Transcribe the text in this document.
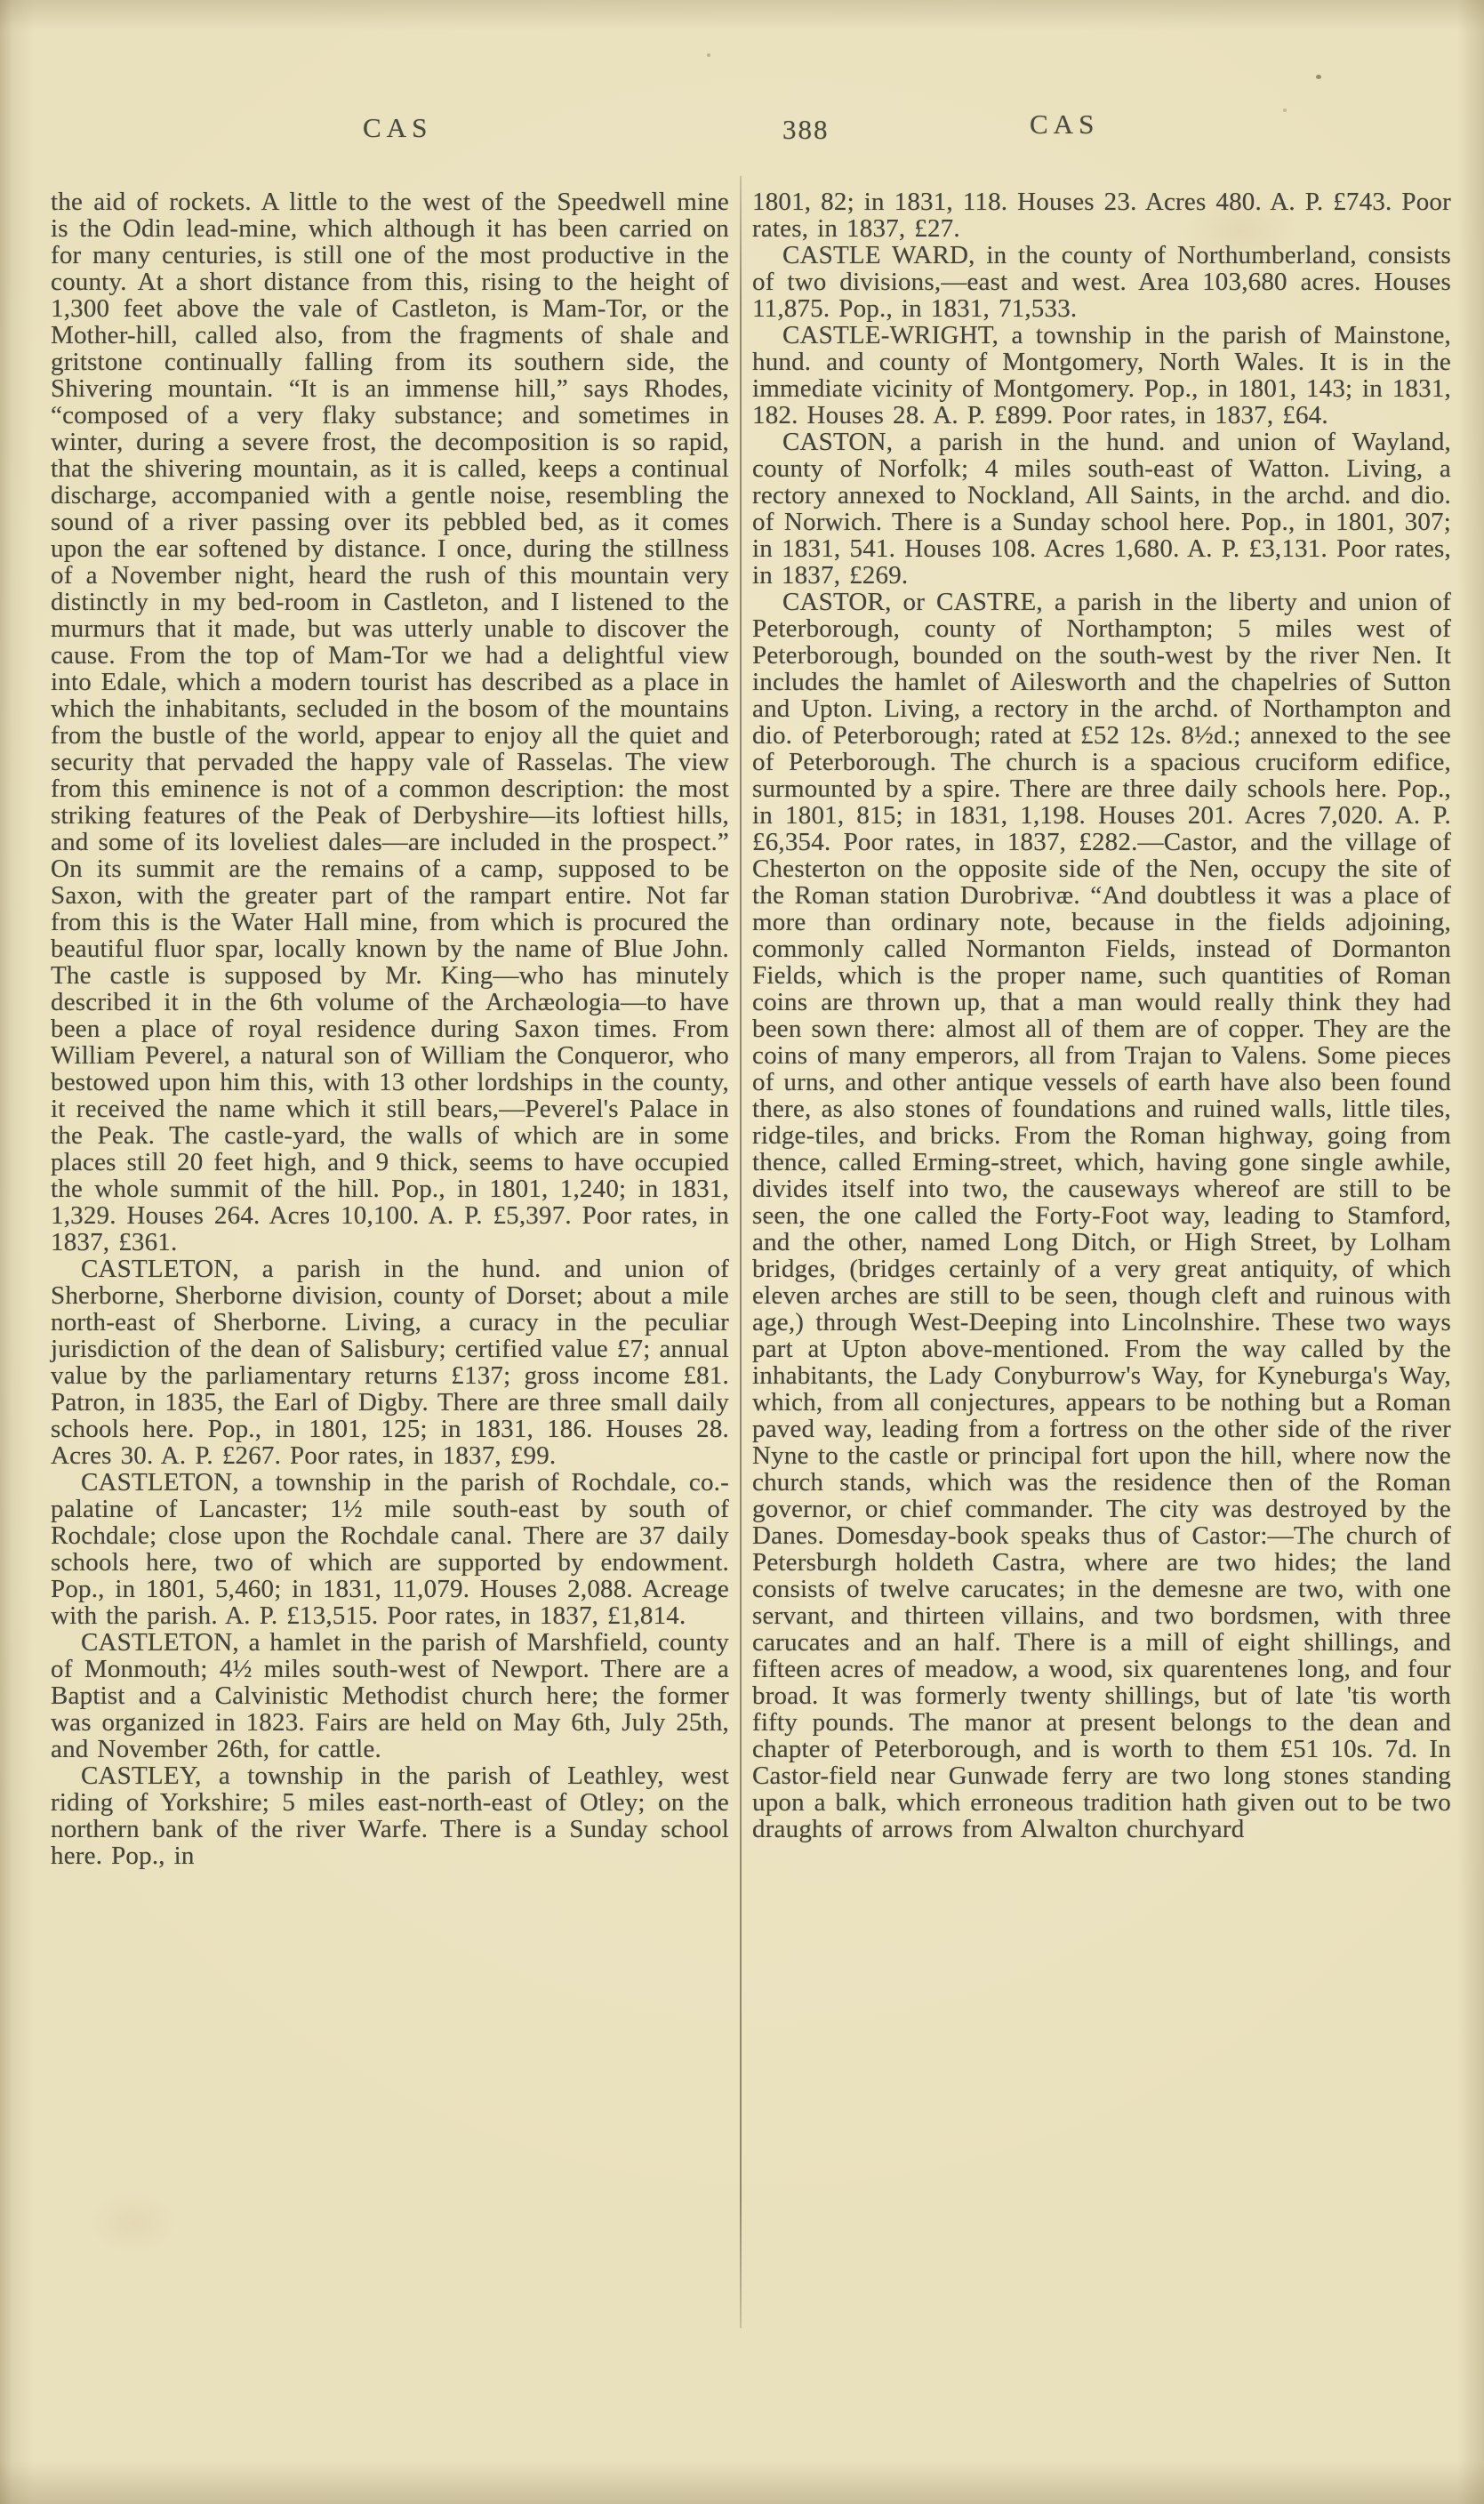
CAS	388	CAS

the aid of rockets. A little to the west of the Speedwell mine is the Odin lead-mine, which although it has been carried on for many centuries, is still one of the most productive in the county. At a short distance from this, rising to the height of 1,300 feet above the vale of Castleton, is Mam-Tor, or the Mother-hill, called also, from the fragments of shale and gritstone continually falling from its southern side, the Shivering mountain. “It is an immense hill,” says Rhodes, “composed of a very flaky substance; and sometimes in winter, during a severe frost, the decomposition is so rapid, that the shivering mountain, as it is called, keeps a continual discharge, accompanied with a gentle noise, resembling the sound of a river passing over its pebbled bed, as it comes upon the ear softened by distance. I once, during the stillness of a November night, heard the rush of this mountain very distinctly in my bed-room in Castleton, and I listened to the murmurs that it made, but was utterly unable to discover the cause. From the top of Mam-Tor we had a delightful view into Edale, which a modern tourist has described as a place in which the inhabitants, secluded in the bosom of the mountains from the bustle of the world, appear to enjoy all the quiet and security that pervaded the happy vale of Rasselas. The view from this eminence is not of a common description: the most striking features of the Peak of Derbyshire—its loftiest hills, and some of its loveliest dales—are included in the prospect.” On its summit are the remains of a camp, supposed to be Saxon, with the greater part of the rampart entire. Not far from this is the Water Hall mine, from which is procured the beautiful fluor spar, locally known by the name of Blue John. The castle is supposed by Mr. King—who has minutely described it in the 6th volume of the Archæologia—to have been a place of royal residence during Saxon times. From William Peverel, a natural son of William the Conqueror, who bestowed upon him this, with 13 other lordships in the county, it received the name which it still bears,—Peverel's Palace in the Peak. The castle-yard, the walls of which are in some places still 20 feet high, and 9 thick, seems to have occupied the whole summit of the hill. Pop., in 1801, 1,240; in 1831, 1,329. Houses 264. Acres 10,100. A. P. £5,397. Poor rates, in 1837, £361.

CASTLETON, a parish in the hund. and union of Sherborne, Sherborne division, county of Dorset; about a mile north-east of Sherborne. Living, a curacy in the peculiar jurisdiction of the dean of Salisbury; certified value £7; annual value by the parliamentary returns £137; gross income £81. Patron, in 1835, the Earl of Digby. There are three small daily schools here. Pop., in 1801, 125; in 1831, 186. Houses 28. Acres 30. A. P. £267. Poor rates, in 1837, £99.

CASTLETON, a township in the parish of Rochdale, co.-palatine of Lancaster; 1½ mile south-east by south of Rochdale; close upon the Rochdale canal. There are 37 daily schools here, two of which are supported by endowment. Pop., in 1801, 5,460; in 1831, 11,079. Houses 2,088. Acreage with the parish. A. P. £13,515. Poor rates, in 1837, £1,814.

CASTLETON, a hamlet in the parish of Marshfield, county of Monmouth; 4½ miles south-west of Newport. There are a Baptist and a Calvinistic Methodist church here; the former was organized in 1823. Fairs are held on May 6th, July 25th, and November 26th, for cattle.

CASTLEY, a township in the parish of Leathley, west riding of Yorkshire; 5 miles east-north-east of Otley; on the northern bank of the river Warfe. There is a Sunday school here. Pop., in

1801, 82; in 1831, 118. Houses 23. Acres 480. A. P. £743. Poor rates, in 1837, £27.

CASTLE WARD, in the county of Northumberland, consists of two divisions,—east and west. Area 103,680 acres. Houses 11,875. Pop., in 1831, 71,533.

CASTLE-WRIGHT, a township in the parish of Mainstone, hund. and county of Montgomery, North Wales. It is in the immediate vicinity of Montgomery. Pop., in 1801, 143; in 1831, 182. Houses 28. A. P. £899. Poor rates, in 1837, £64.

CASTON, a parish in the hund. and union of Wayland, county of Norfolk; 4 miles south-east of Watton. Living, a rectory annexed to Nockland, All Saints, in the archd. and dio. of Norwich. There is a Sunday school here. Pop., in 1801, 307; in 1831, 541. Houses 108. Acres 1,680. A. P. £3,131. Poor rates, in 1837, £269.

CASTOR, or CASTRE, a parish in the liberty and union of Peterborough, county of Northampton; 5 miles west of Peterborough, bounded on the south-west by the river Nen. It includes the hamlet of Ailesworth and the chapelries of Sutton and Upton. Living, a rectory in the archd. of Northampton and dio. of Peterborough; rated at £52 12s. 8½d.; annexed to the see of Peterborough. The church is a spacious cruciform edifice, surmounted by a spire. There are three daily schools here. Pop., in 1801, 815; in 1831, 1,198. Houses 201. Acres 7,020. A. P. £6,354. Poor rates, in 1837, £282.—Castor, and the village of Chesterton on the opposite side of the Nen, occupy the site of the Roman station Durobrivæ. “And doubtless it was a place of more than ordinary note, because in the fields adjoining, commonly called Normanton Fields, instead of Dormanton Fields, which is the proper name, such quantities of Roman coins are thrown up, that a man would really think they had been sown there: almost all of them are of copper. They are the coins of many emperors, all from Trajan to Valens. Some pieces of urns, and other antique vessels of earth have also been found there, as also stones of foundations and ruined walls, little tiles, ridge-tiles, and bricks. From the Roman highway, going from thence, called Erming-street, which, having gone single awhile, divides itself into two, the causeways whereof are still to be seen, the one called the Forty-Foot way, leading to Stamford, and the other, named Long Ditch, or High Street, by Lolham bridges, (bridges certainly of a very great antiquity, of which eleven arches are still to be seen, though cleft and ruinous with age,) through West-Deeping into Lincolnshire. These two ways part at Upton above-mentioned. From the way called by the inhabitants, the Lady Conyburrow's Way, for Kyneburga's Way, which, from all conjectures, appears to be nothing but a Roman paved way, leading from a fortress on the other side of the river Nyne to the castle or principal fort upon the hill, where now the church stands, which was the residence then of the Roman governor, or chief commander. The city was destroyed by the Danes. Domesday-book speaks thus of Castor:—The church of Petersburgh holdeth Castra, where are two hides; the land consists of twelve carucates; in the demesne are two, with one servant, and thirteen villains, and two bordsmen, with three carucates and an half. There is a mill of eight shillings, and fifteen acres of meadow, a wood, six quarentenes long, and four broad. It was formerly twenty shillings, but of late 'tis worth fifty pounds. The manor at present belongs to the dean and chapter of Peterborough, and is worth to them £51 10s. 7d. In Castor-field near Gunwade ferry are two long stones standing upon a balk, which erroneous tradition hath given out to be two draughts of arrows from Alwalton churchyard
